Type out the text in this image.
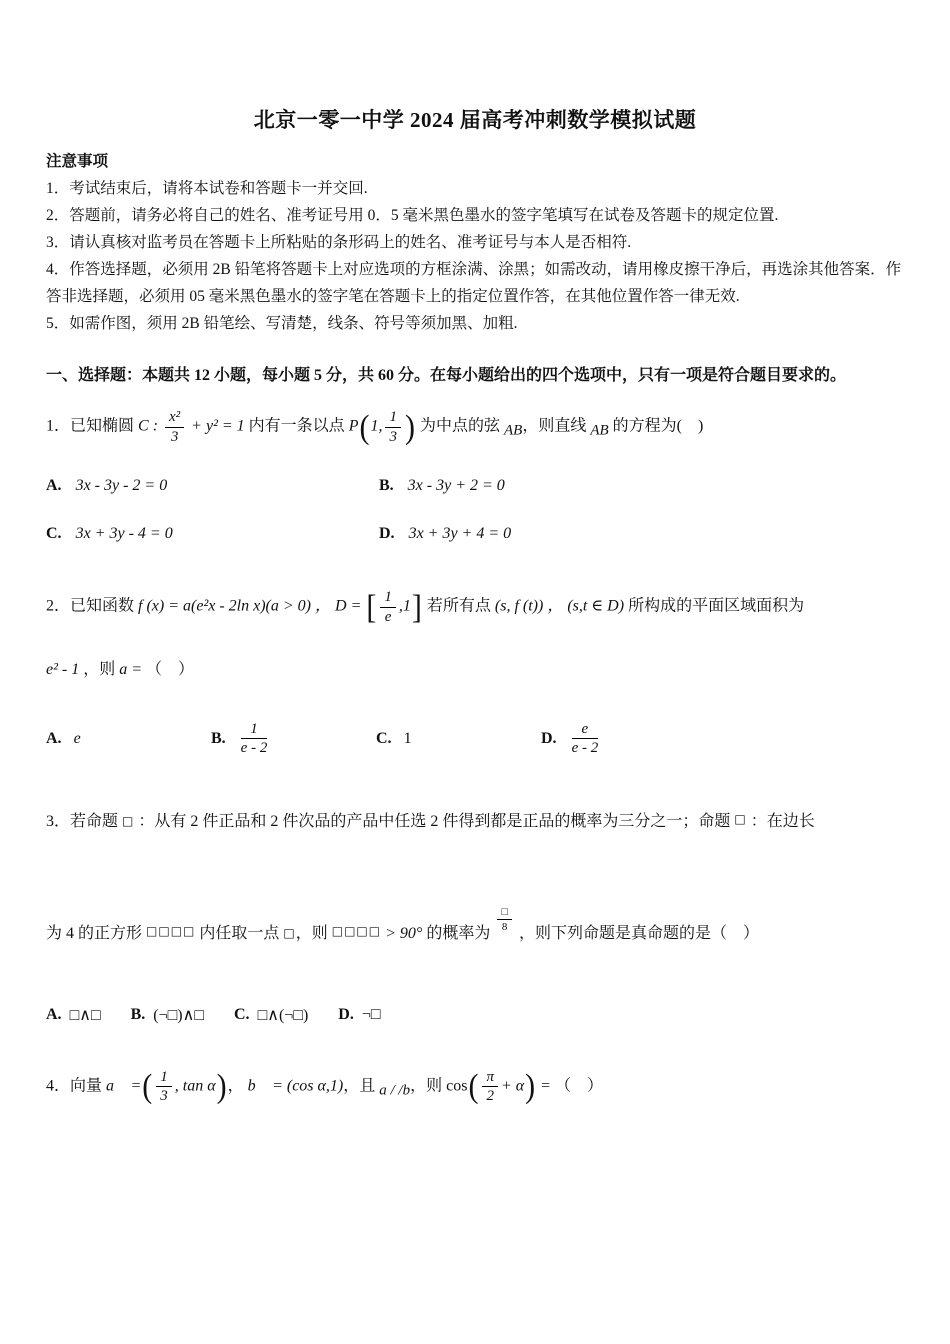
北京一零一中学 2024 届高考冲刺数学模拟试题

注意事项

1．考试结束后，请将本试卷和答题卡一并交回.

2．答题前，请务必将自己的姓名、准考证号用 0．5 毫米黑色墨水的签字笔填写在试卷及答题卡的规定位置.

3．请认真核对监考员在答题卡上所粘贴的条形码上的姓名、准考证号与本人是否相符.

4．作答选择题，必须用 2B 铅笔将答题卡上对应选项的方框涂满、涂黑；如需改动，请用橡皮擦干净后，再选涂其他答案．作答非选择题，必须用 05 毫米黑色墨水的签字笔在答题卡上的指定位置作答，在其他位置作答一律无效.

5．如需作图，须用 2B 铅笔绘、写清楚，线条、符号等须加黑、加粗.

一、选择题：本题共 12 小题，每小题 5 分，共 60 分。在每小题给出的四个选项中，只有一项是符合题目要求的。

1．已知椭圆 C : $\frac{\text{x²}}{3} + y^2 = 1$ 内有一条以点 P(1, $\frac{1}{3}$ ) 为中点的弦 AB，则直线 AB 的方程为(　)

A. 3x - 3y - 2 = 0	B. 3x - 3y + 2 = 0
C. 3x + 3y - 4 = 0	D. 3x + 3y + 4 = 0

2．已知函数 f (x) = a(e²x - 2ln x)(a > 0) ， D = [ $\frac{1}{e} ,1$] 若所有点 (s, f (t)) ， (s,t ∈ D) 所构成的平面区域面积为

e² - 1 ，则 a = （　）

A. e	B. $\frac{1}{e - 2}$	C. 1	D. $\frac{e}{e - 2}$

3．若命题 □ ：从有 2 件正品和 2 件次品的产品中任选 2 件得到都是正品的概率为三分之一；命题 □ ：在边长

为 4 的正方形 □□□□ 内任取一点 □，则 □□□□ > 90° 的概率为
$\frac{□}{8}$
，则下列命题是真命题的是（　）

A. □∧□ B. (¬□)∧□ C. □∧(¬□) D. ¬□

4．向量 a⃗ =( $\frac{1}{3}$ , tan α)， b⃗ = (cos α,1)，且 a / /b，则 $\cos( \frac{\pi}{2} + \alpha)$ = （　）
